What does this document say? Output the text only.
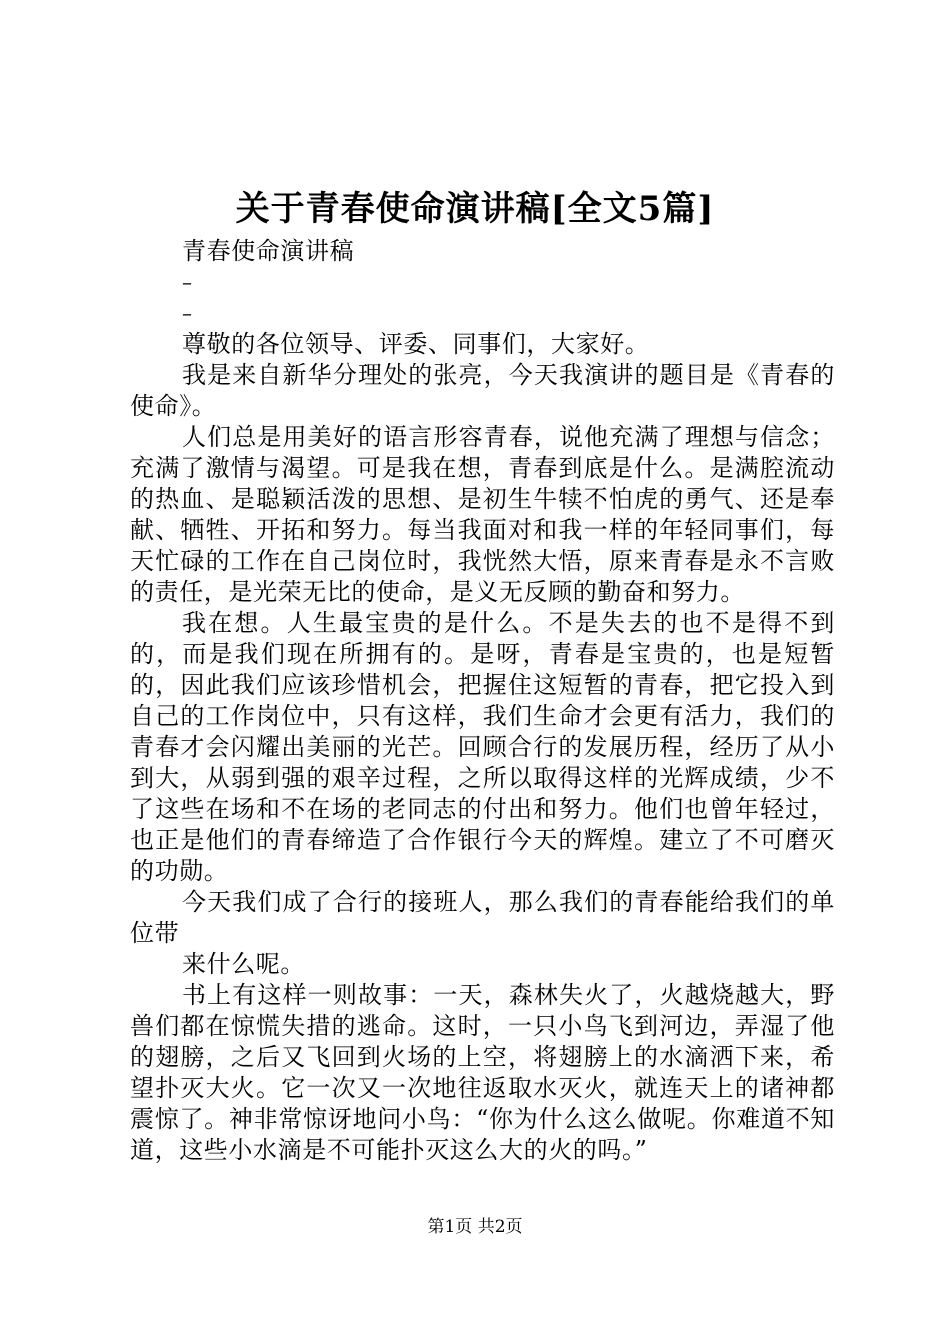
关于青春使命演讲稿[全文5篇]

青春使命演讲稿

–

–

尊敬的各位领导、评委、同事们，大家好。

我是来自新华分理处的张亮，今天我演讲的题目是《青春的使命》。

人们总是用美好的语言形容青春，说他充满了理想与信念；充满了激情与渴望。可是我在想，青春到底是什么。是满腔流动的热血、是聪颖活泼的思想、是初生牛犊不怕虎的勇气、还是奉献、牺牲、开拓和努力。每当我面对和我一样的年轻同事们，每天忙碌的工作在自己岗位时，我恍然大悟，原来青春是永不言败的责任，是光荣无比的使命，是义无反顾的勤奋和努力。

我在想。人生最宝贵的是什么。不是失去的也不是得不到的，而是我们现在所拥有的。是呀，青春是宝贵的，也是短暂的，因此我们应该珍惜机会，把握住这短暂的青春，把它投入到自己的工作岗位中，只有这样，我们生命才会更有活力，我们的青春才会闪耀出美丽的光芒。回顾合行的发展历程，经历了从小到大，从弱到强的艰辛过程，之所以取得这样的光辉成绩，少不了这些在场和不在场的老同志的付出和努力。他们也曾年轻过，也正是他们的青春缔造了合作银行今天的辉煌。建立了不可磨灭的功勋。

今天我们成了合行的接班人，那么我们的青春能给我们的单位带

来什么呢。

书上有这样一则故事：一天，森林失火了，火越烧越大，野兽们都在惊慌失措的逃命。这时，一只小鸟飞到河边，弄湿了他的翅膀，之后又飞回到火场的上空，将翅膀上的水滴洒下来，希望扑灭大火。它一次又一次地往返取水灭火，就连天上的诸神都震惊了。神非常惊讶地问小鸟：“你为什么这么做呢。你难道不知道，这些小水滴是不可能扑灭这么大的火的吗。”

第1页 共2页
